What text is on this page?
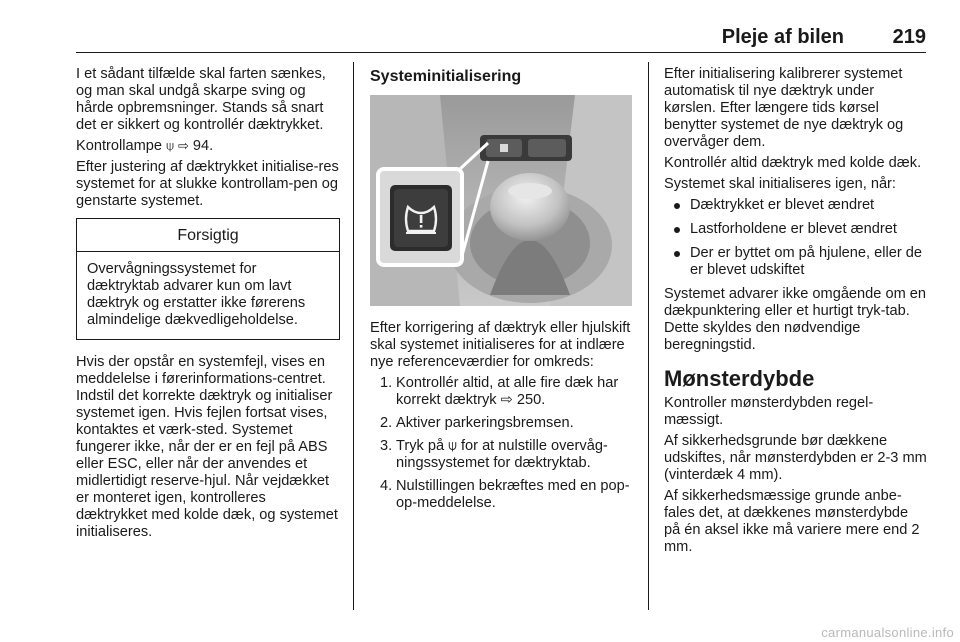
Pleje af bilen 219

I et sådant tilfælde skal farten sænkes, og man skal undgå skarpe sving og hårde opbremsninger. Stands så snart det er sikkert og kontrollér dæktrykket.

Kontrollampe ⍦ ⇨ 94.

Efter justering af dæktrykket initialise-res systemet for at slukke kontrollam-pen og genstarte systemet.

Forsigtig
Overvågningssystemet for dæktryktab advarer kun om lavt dæktryk og erstatter ikke førerens almindelige dækvedligeholdelse.

Hvis der opstår en systemfejl, vises en meddelelse i førerinformations-centret. Indstil det korrekte dæktryk og initialiser systemet igen. Hvis fejlen fortsat vises, kontaktes et værk-sted. Systemet fungerer ikke, når der er en fejl på ABS eller ESC, eller når der anvendes et midlertidigt reserve-hjul. Når vejdækket er monteret igen, kontrolleres dæktrykket med kolde dæk, og systemet initialiseres.

Systeminitialisering

Efter korrigering af dæktryk eller hjulskift skal systemet initialiseres for at indlære nye referenceværdier for omkreds:

1. Kontrollér altid, at alle fire dæk har korrekt dæktryk ⇨ 250.
2. Aktiver parkeringsbremsen.
3. Tryk på ⍦ for at nulstille overvåg-ningssystemet for dæktryktab.
4. Nulstillingen bekræftes med en pop-op-meddelelse.

Efter initialisering kalibrerer systemet automatisk til nye dæktryk under kørslen. Efter længere tids kørsel benytter systemet de nye dæktryk og overvåger dem.

Kontrollér altid dæktryk med kolde dæk.

Systemet skal initialiseres igen, når:

Dæktrykket er blevet ændret
Lastforholdene er blevet ændret
Der er byttet om på hjulene, eller de er blevet udskiftet

Systemet advarer ikke omgående om en dækpunktering eller et hurtigt tryk-tab. Dette skyldes den nødvendige beregningstid.

Mønsterdybde

Kontroller mønsterdybden regel-mæssigt.

Af sikkerhedsgrunde bør dækkene udskiftes, når mønsterdybden er 2-3 mm (vinterdæk 4 mm).

Af sikkerhedsmæssige grunde anbe-fales det, at dækkenes mønsterdybde på én aksel ikke må variere mere end 2 mm.

carmanualsonline.info
